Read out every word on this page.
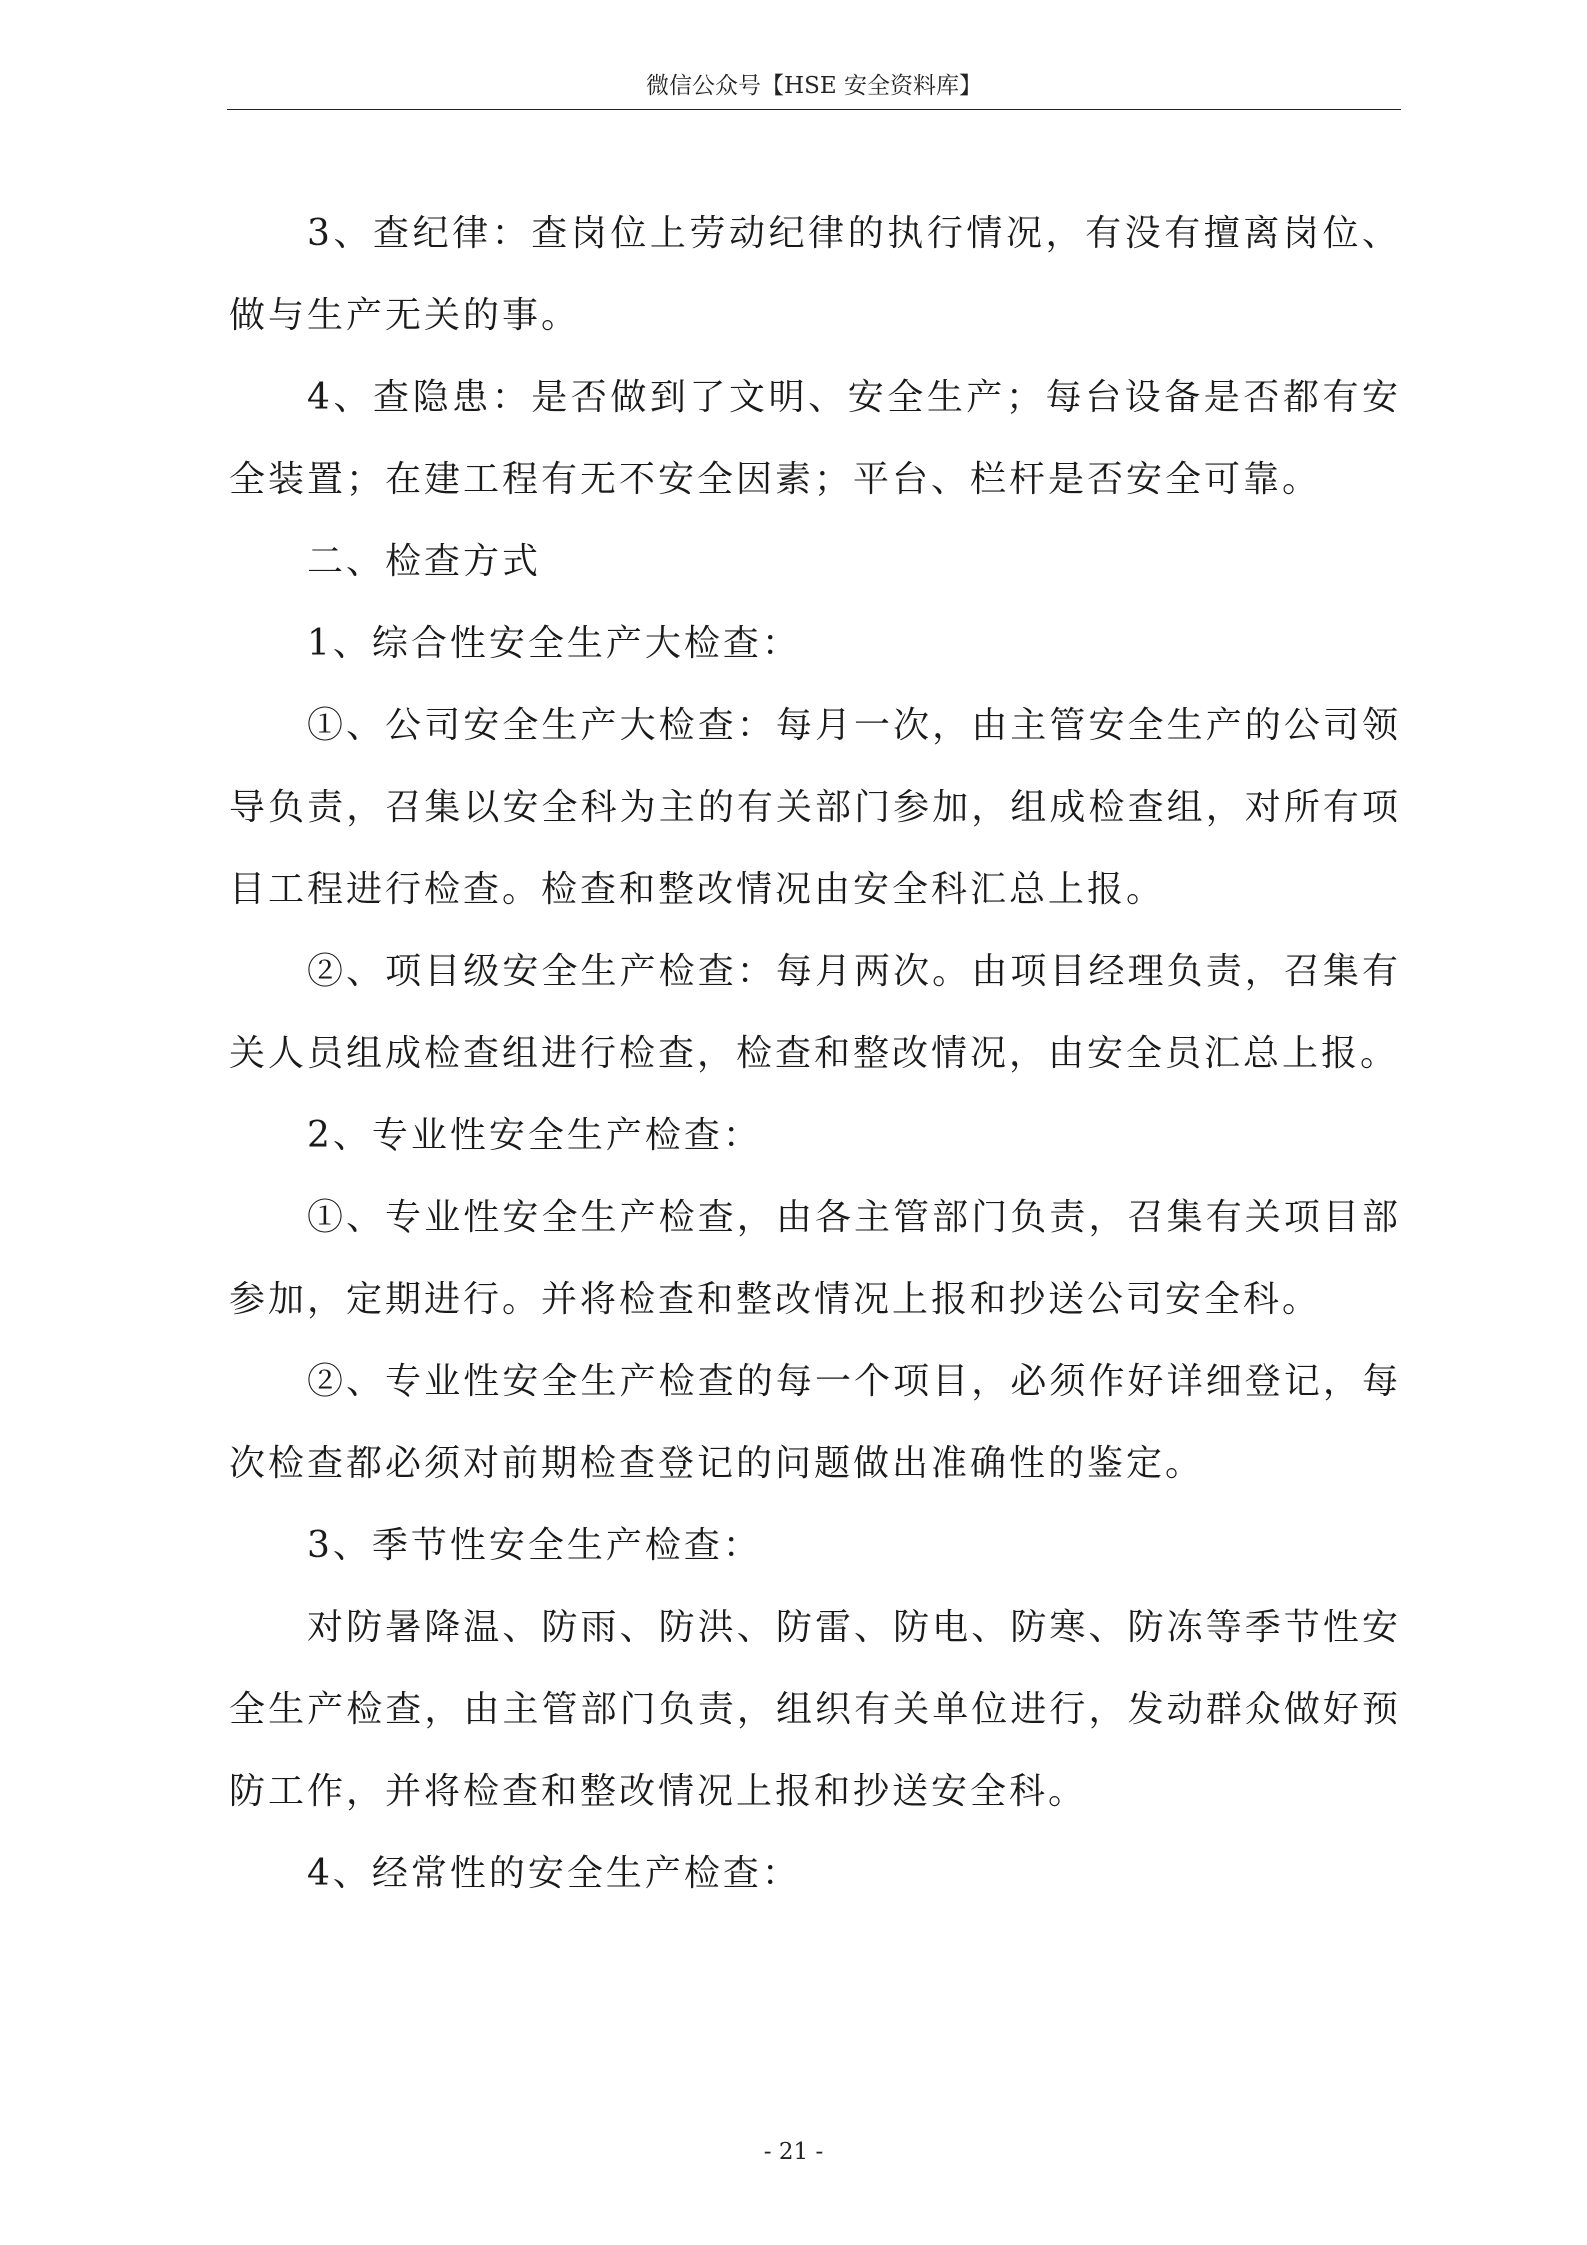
微信公众号【HSE 安全资料库】

3、查纪律：查岗位上劳动纪律的执行情况，有没有擅离岗位、做与生产无关的事。

4、查隐患：是否做到了文明、安全生产；每台设备是否都有安全装置；在建工程有无不安全因素；平台、栏杆是否安全可靠。

二、检查方式

1、综合性安全生产大检查：

①、公司安全生产大检查：每月一次，由主管安全生产的公司领导负责，召集以安全科为主的有关部门参加，组成检查组，对所有项目工程进行检查。检查和整改情况由安全科汇总上报。

②、项目级安全生产检查：每月两次。由项目经理负责，召集有关人员组成检查组进行检查，检查和整改情况，由安全员汇总上报。

2、专业性安全生产检查：

①、专业性安全生产检查，由各主管部门负责，召集有关项目部参加，定期进行。并将检查和整改情况上报和抄送公司安全科。

②、专业性安全生产检查的每一个项目，必须作好详细登记，每次检查都必须对前期检查登记的问题做出准确性的鉴定。

3、季节性安全生产检查：

对防暑降温、防雨、防洪、防雷、防电、防寒、防冻等季节性安全生产检查，由主管部门负责，组织有关单位进行，发动群众做好预防工作，并将检查和整改情况上报和抄送安全科。

4、经常性的安全生产检查：

- 21 -
